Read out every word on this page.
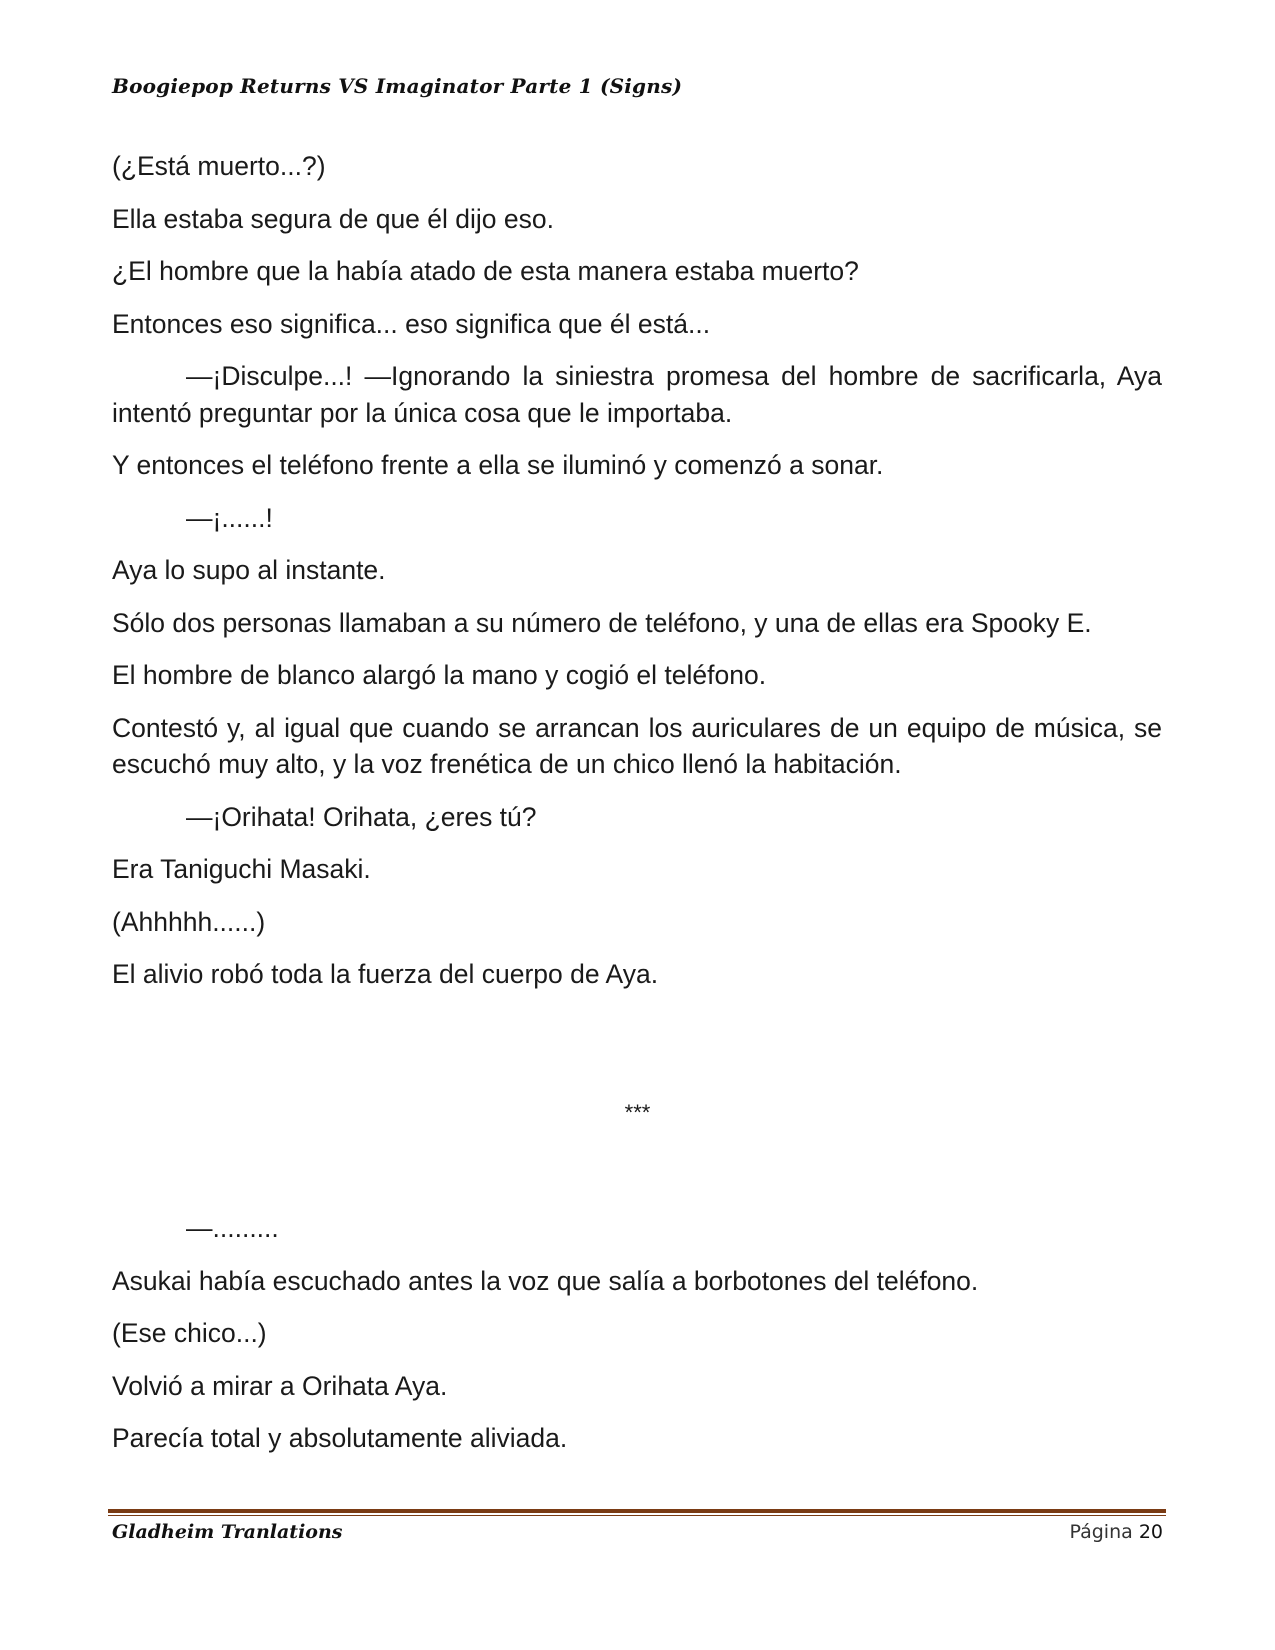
Boogiepop Returns VS Imaginator Parte 1 (Signs)

(¿Está muerto...?)

Ella estaba segura de que él dijo eso.

¿El hombre que la había atado de esta manera estaba muerto?

Entonces eso significa... eso significa que él está...

—¡Disculpe...! —Ignorando la siniestra promesa del hombre de sacrificarla, Aya intentó preguntar por la única cosa que le importaba.

Y entonces el teléfono frente a ella se iluminó y comenzó a sonar.

—¡......!

Aya lo supo al instante.

Sólo dos personas llamaban a su número de teléfono, y una de ellas era Spooky E.

El hombre de blanco alargó la mano y cogió el teléfono.

Contestó y, al igual que cuando se arrancan los auriculares de un equipo de música, se escuchó muy alto, y la voz frenética de un chico llenó la habitación.

—¡Orihata! Orihata, ¿eres tú?

Era Taniguchi Masaki.

(Ahhhhh......)

El alivio robó toda la fuerza del cuerpo de Aya.

***

—.........

Asukai había escuchado antes la voz que salía a borbotones del teléfono.

(Ese chico...)

Volvió a mirar a Orihata Aya.

Parecía total y absolutamente aliviada.

Gladheim Tranlations	Página 20
